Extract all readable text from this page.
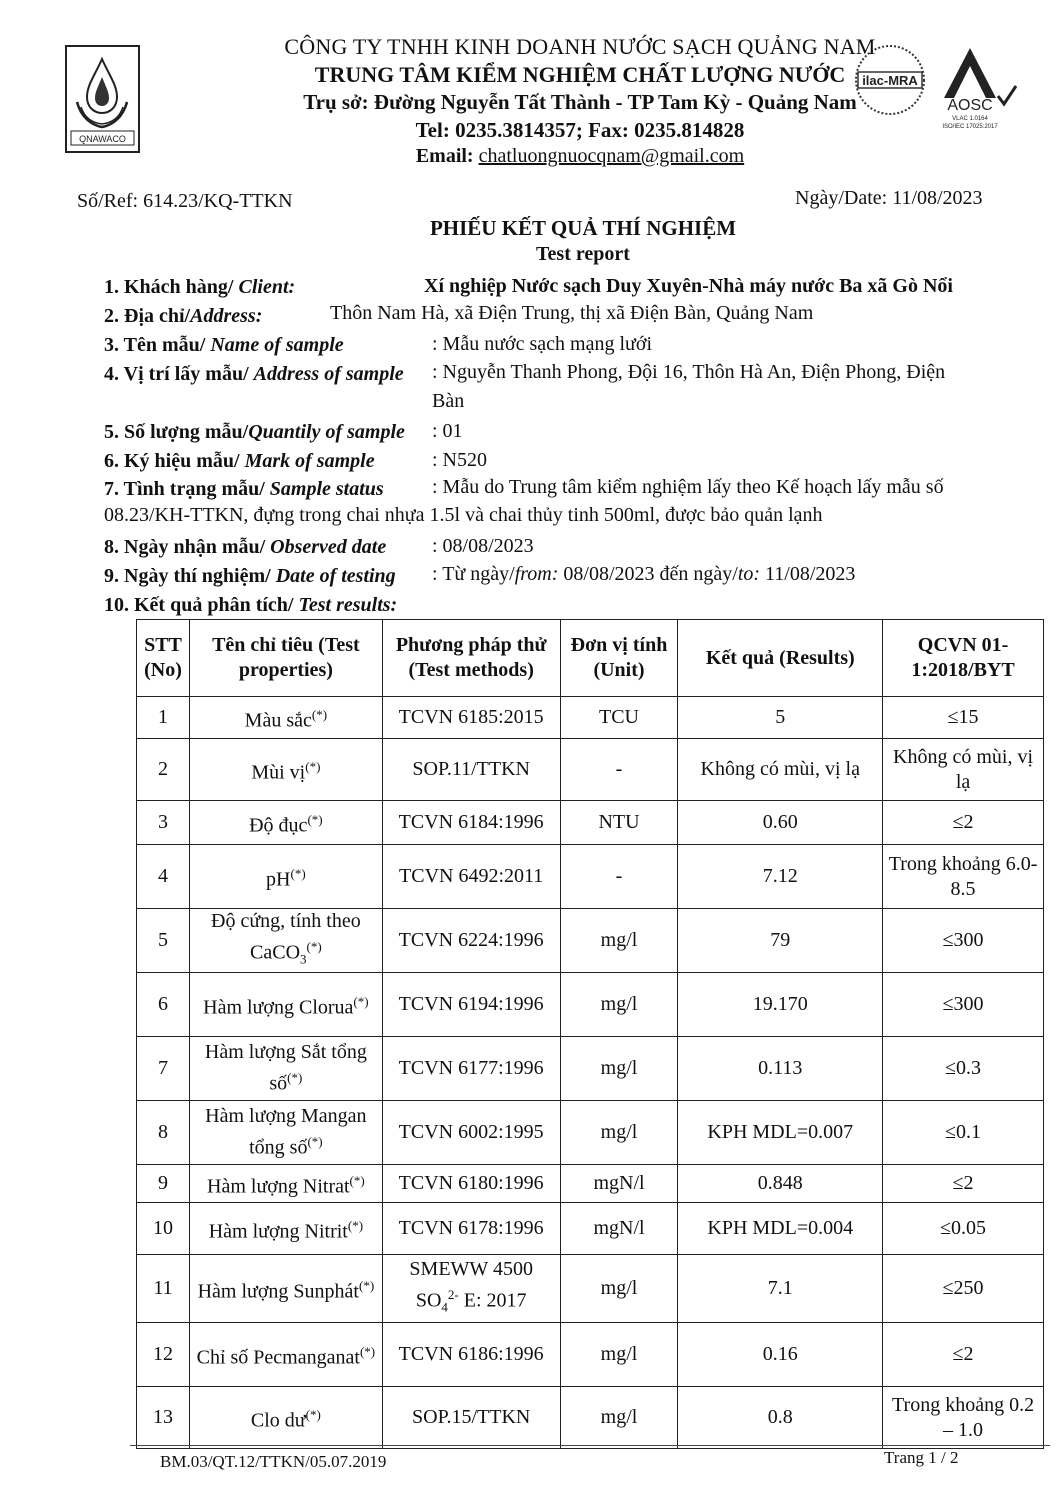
QNAWACO
ilac-MRA
AOSC
VLAC 1.0164
ISO/IEC 17025:2017
CÔNG TY TNHH KINH DOANH NƯỚC SẠCH QUẢNG NAM
TRUNG TÂM KIỂM NGHIỆM CHẤT LƯỢNG NƯỚC
Trụ sở: Đường Nguyễn Tất Thành - TP Tam Kỳ - Quảng Nam
Tel: 0235.3814357; Fax: 0235.814828
Email: chatluongnuocqnam@gmail.com
Số/Ref: 614.23/KQ-TTKN	Ngày/Date: 11/08/2023
PHIẾU KẾT QUẢ THÍ NGHIỆM
Test report
1. Khách hàng/ Client:	Xí nghiệp Nước sạch Duy Xuyên-Nhà máy nước Ba xã Gò Nổi
2. Địa chỉ/Address:	Thôn Nam Hà, xã Điện Trung, thị xã Điện Bàn, Quảng Nam
3. Tên mẫu/ Name of sample	: Mẫu nước sạch mạng lưới
4. Vị trí lấy mẫu/ Address of sample : Nguyễn Thanh Phong, Đội 16, Thôn Hà An, Điện Phong, Điện
Bàn
5. Số lượng mẫu/Quantily of sample : 01
6. Ký hiệu mẫu/ Mark of sample	: N520
7. Tình trạng mẫu/ Sample status : Mẫu do Trung tâm kiểm nghiệm lấy theo Kế hoạch lấy mẫu số
08.23/KH-TTKN, đựng trong chai nhựa 1.5l và chai thủy tinh 500ml, được bảo quản lạnh
8. Ngày nhận mẫu/ Observed date : 08/08/2023
9. Ngày thí nghiệm/ Date of testing : Từ ngày/from: 08/08/2023 đến ngày/to: 11/08/2023
10. Kết quả phân tích/ Test results:
STT (No)	Tên chỉ tiêu (Test properties)	Phương pháp thử (Test methods)	Đơn vị tính (Unit)	Kết quả (Results)	QCVN 01-1:2018/BYT
1	Màu sắc(*)	TCVN 6185:2015	TCU	5	≤15
2	Mùi vị(*)	SOP.11/TTKN	-	Không có mùi, vị lạ	Không có mùi, vị lạ
3	Độ đục(*)	TCVN 6184:1996	NTU	0.60	≤2
4	pH(*)	TCVN 6492:2011	-	7.12	Trong khoảng 6.0-8.5
5	Độ cứng, tính theo CaCO$_3$(*)	TCVN 6224:1996	mg/l	79	≤300
6	Hàm lượng Clorua(*)	TCVN 6194:1996	mg/l	19.170	≤300
7	Hàm lượng Sắt tổng số(*)	TCVN 6177:1996	mg/l	0.113	≤0.3
8	Hàm lượng Mangan tổng số(*)	TCVN 6002:1995	mg/l	KPH MDL=0.007	≤0.1
9	Hàm lượng Nitrat(*)	TCVN 6180:1996	mgN/l	0.848	≤2
10	Hàm lượng Nitrit(*)	TCVN 6178:1996	mgN/l	KPH MDL=0.004	≤0.05
11	Hàm lượng Sunphát(*)	SMEWW 4500
$SO_4^{2-}$ E: 2017	mg/l	7.1	≤250
12	Chỉ số Pecmanganat(*)	TCVN 6186:1996	mg/l	0.16	≤2
13	Clo dư(*)	SOP.15/TTKN	mg/l	0.8	Trong khoảng 0.2 – 1.0
BM.03/QT.12/TTKN/05.07.2019	Trang 1 / 2
